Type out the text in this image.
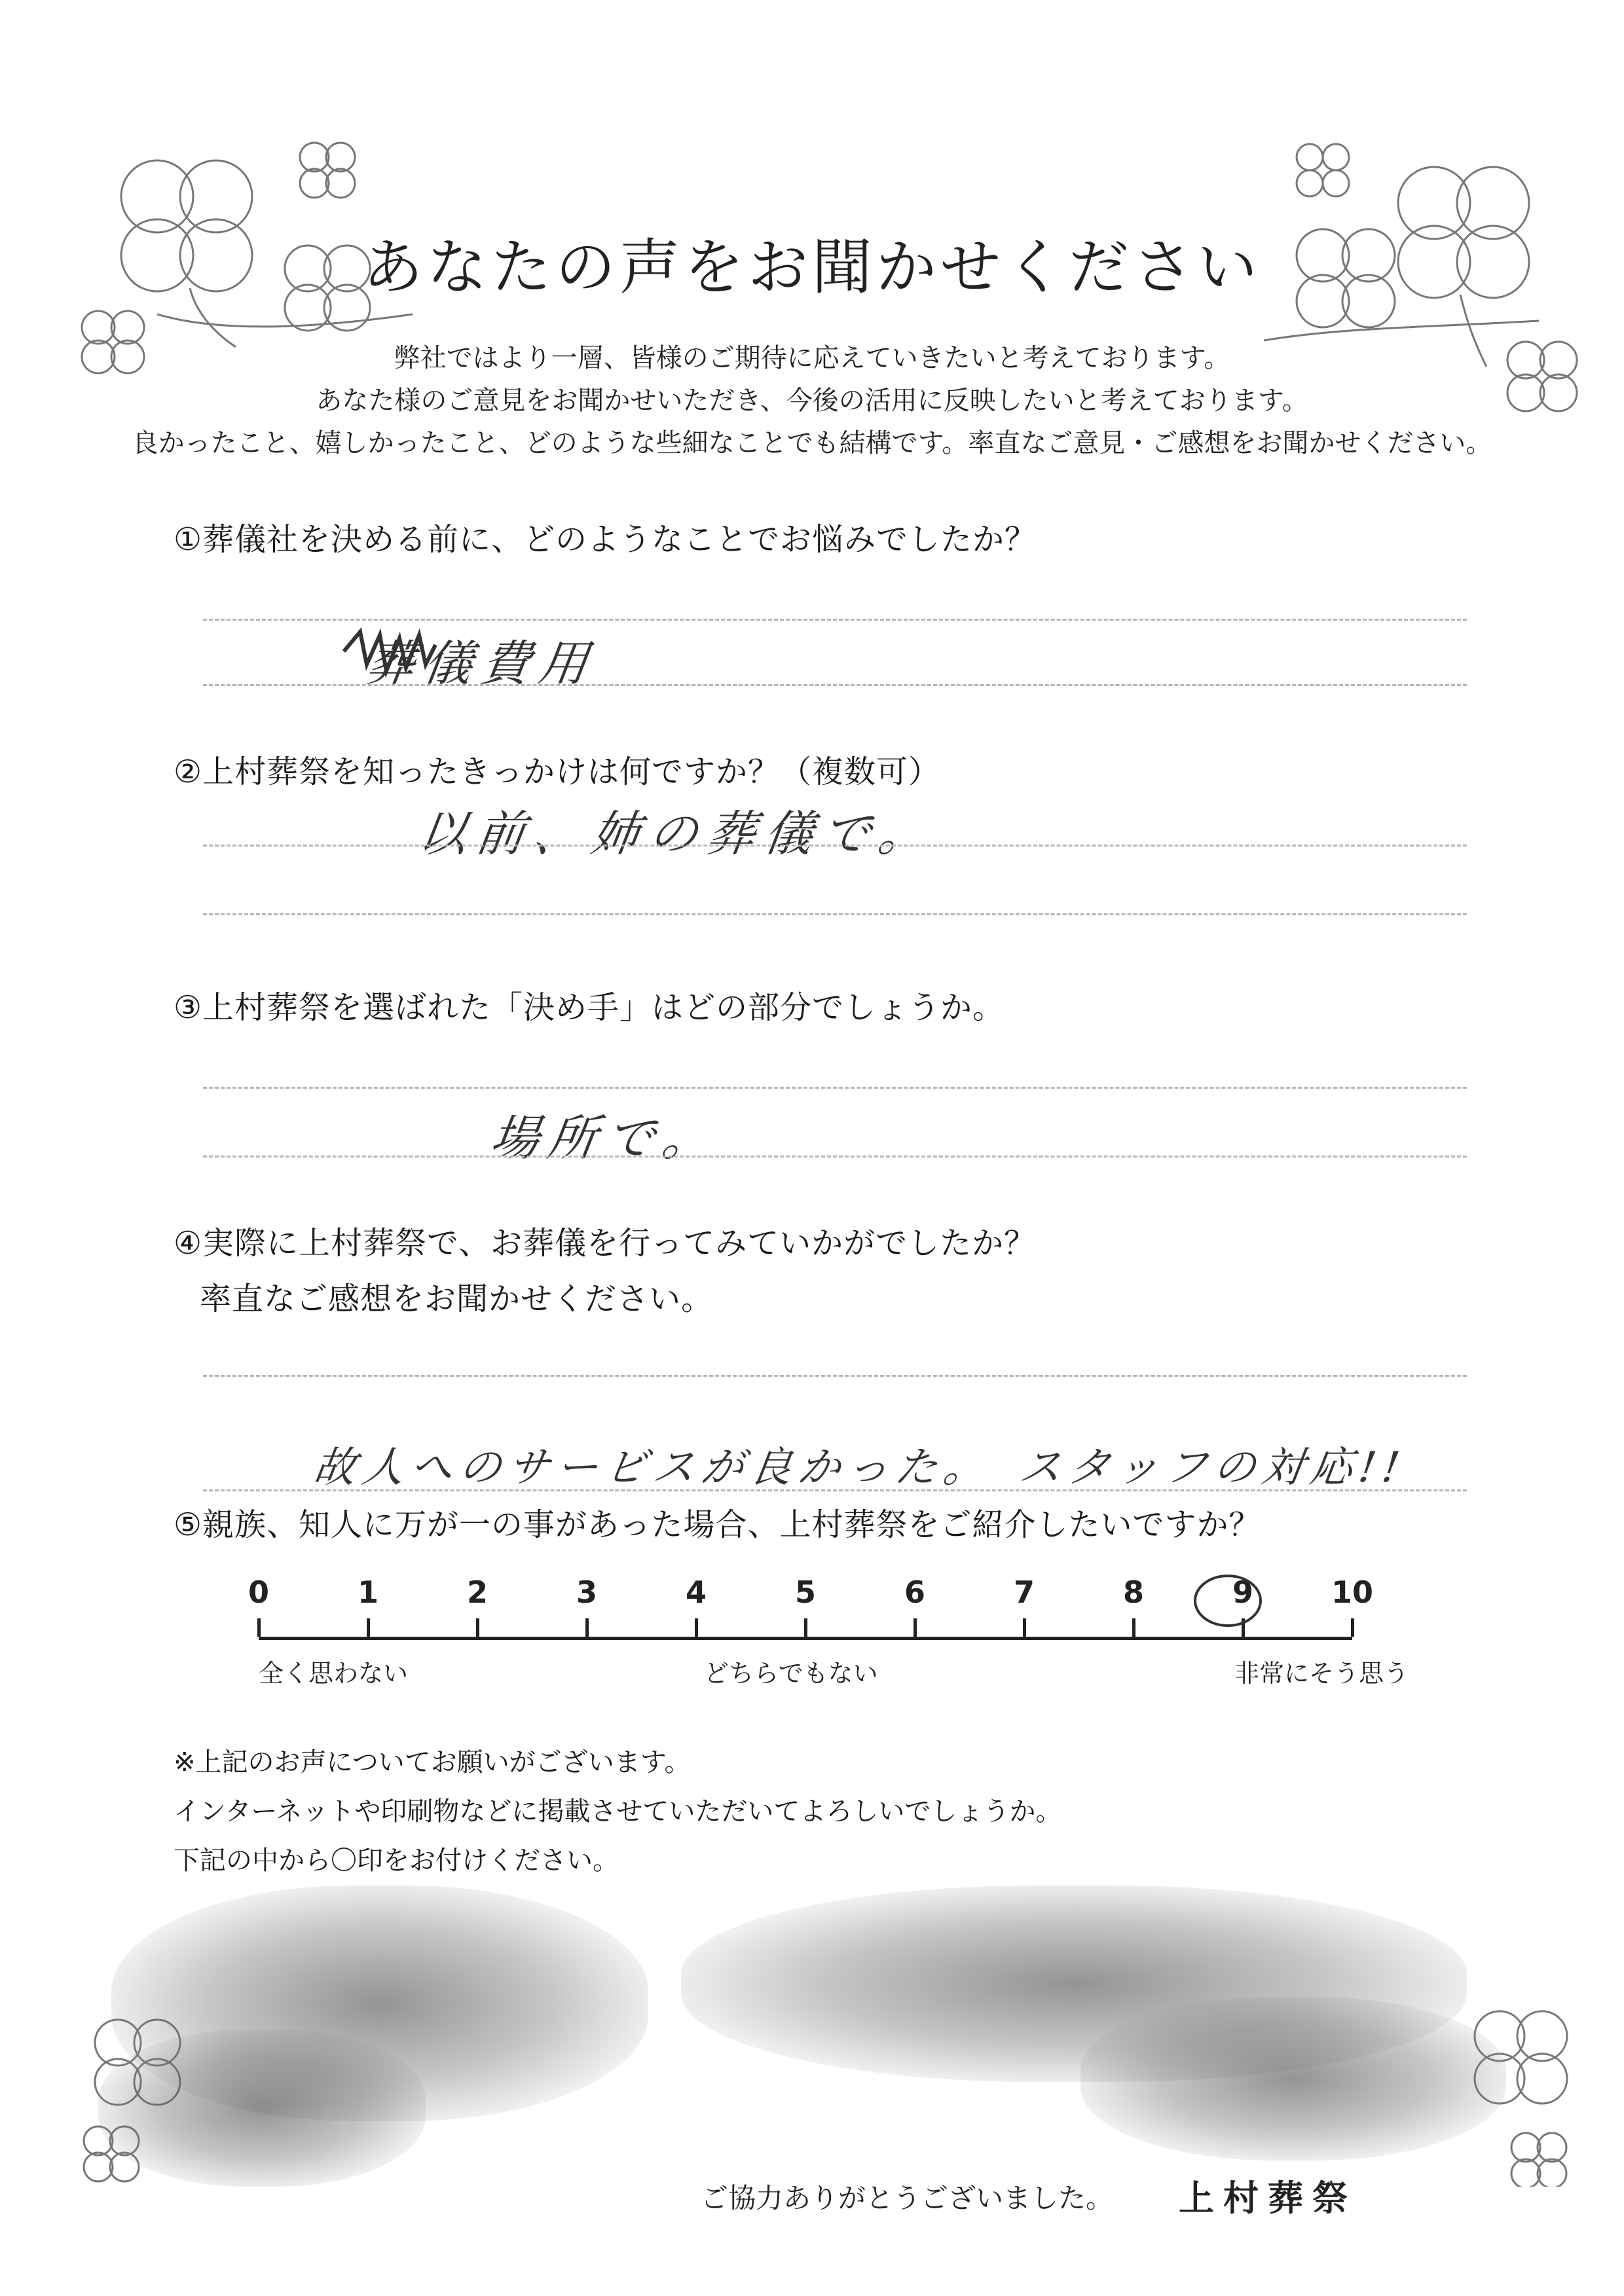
あなたの声をお聞かせください
弊社ではより一層、皆様のご期待に応えていきたいと考えております。
あなた様のご意見をお聞かせいただき、今後の活用に反映したいと考えております。
良かったこと、嬉しかったこと、どのような些細なことでも結構です。率直なご意見・ご感想をお聞かせください。
①葬儀社を決める前に、どのようなことでお悩みでしたか？
葬儀費用
②上村葬祭を知ったきっかけは何ですか？（複数可）
以前、姉の葬儀で。
③上村葬祭を選ばれた「決め手」はどの部分でしょうか。
場所で。
④実際に上村葬祭で、お葬儀を行ってみていかがでしたか？
率直なご感想をお聞かせください。
故人へのサービスが良かった。　スタッフの対応!!
⑤親族、知人に万が一の事があった場合、上村葬祭をご紹介したいですか？
0	1	2	3	4	5	6	7	8	9	10
全く思わない	どちらでもない	非常にそう思う
※上記のお声についてお願いがございます。
インターネットや印刷物などに掲載させていただいてよろしいでしょうか。
下記の中から〇印をお付けください。
ご協力ありがとうございました。 上村葬祭
